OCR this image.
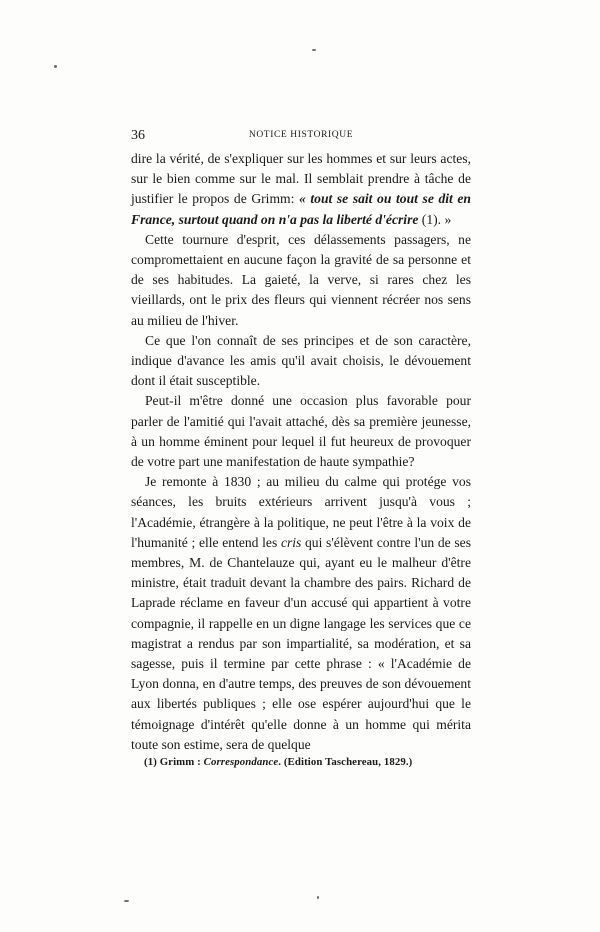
36	NOTICE HISTORIQUE

dire la vérité, de s'expliquer sur les hommes et sur leurs actes, sur le bien comme sur le mal. Il semblait prendre à tâche de justifier le propos de Grimm: « tout se sait ou tout se dit en France, surtout quand on n'a pas la liberté d'écrire (1). »

Cette tournure d'esprit, ces délassements passagers, ne compromettaient en aucune façon la gravité de sa personne et de ses habitudes. La gaieté, la verve, si rares chez les vieillards, ont le prix des fleurs qui viennent récréer nos sens au milieu de l'hiver.

Ce que l'on connaît de ses principes et de son caractère, indique d'avance les amis qu'il avait choisis, le dévouement dont il était susceptible.

Peut-il m'être donné une occasion plus favorable pour parler de l'amitié qui l'avait attaché, dès sa première jeunesse, à un homme éminent pour lequel il fut heureux de provoquer de votre part une manifestation de haute sympathie?

Je remonte à 1830 ; au milieu du calme qui protége vos séances, les bruits extérieurs arrivent jusqu'à vous ; l'Académie, étrangère à la politique, ne peut l'être à la voix de l'humanité ; elle entend les cris qui s'élèvent contre l'un de ses membres, M. de Chantelauze qui, ayant eu le malheur d'être ministre, était traduit devant la chambre des pairs. Richard de Laprade réclame en faveur d'un accusé qui appartient à votre compagnie, il rappelle en un digne langage les services que ce magistrat a rendus par son impartialité, sa modération, et sa sagesse, puis il termine par cette phrase : « l'Académie de Lyon donna, en d'autre temps, des preuves de son dévouement aux libertés publiques ; elle ose espérer aujourd'hui que le témoignage d'intérêt qu'elle donne à un homme qui mérita toute son estime, sera de quelque

(1) Grimm : Correspondance. (Edition Taschereau, 1829.)
